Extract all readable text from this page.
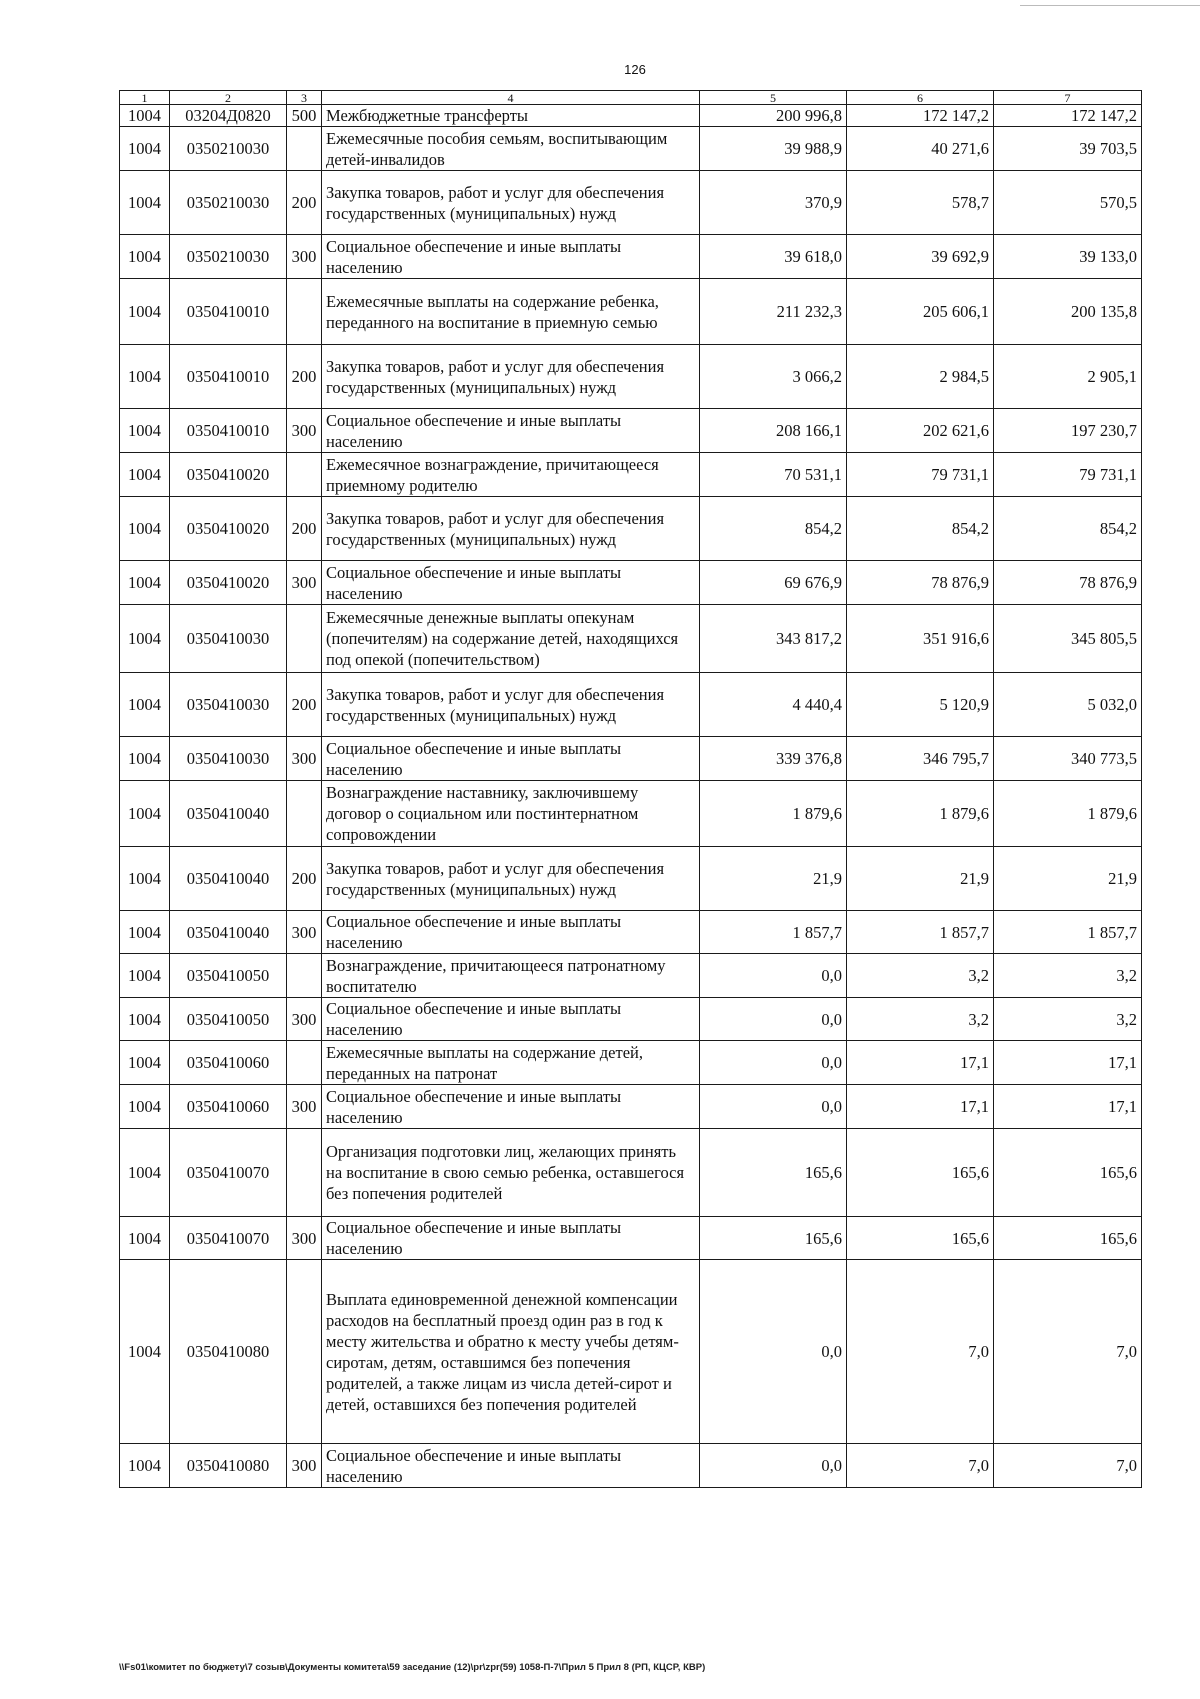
126
1	2	3	4	5	6	7
1004	03204Д0820	500	Межбюджетные трансферты	200 996,8	172 147,2	172 147,2
1004	0350210030		Ежемесячные пособия семьям, воспитывающим детей-инвалидов	39 988,9	40 271,6	39 703,5
1004	0350210030	200	Закупка товаров, работ и услуг для обеспечения государственных (муниципальных) нужд	370,9	578,7	570,5
1004	0350210030	300	Социальное обеспечение и иные выплаты населению	39 618,0	39 692,9	39 133,0
1004	0350410010		Ежемесячные выплаты на содержание ребенка, переданного на воспитание в приемную семью	211 232,3	205 606,1	200 135,8
1004	0350410010	200	Закупка товаров, работ и услуг для обеспечения государственных (муниципальных) нужд	3 066,2	2 984,5	2 905,1
1004	0350410010	300	Социальное обеспечение и иные выплаты населению	208 166,1	202 621,6	197 230,7
1004	0350410020		Ежемесячное вознаграждение, причитающееся приемному родителю	70 531,1	79 731,1	79 731,1
1004	0350410020	200	Закупка товаров, работ и услуг для обеспечения государственных (муниципальных) нужд	854,2	854,2	854,2
1004	0350410020	300	Социальное обеспечение и иные выплаты населению	69 676,9	78 876,9	78 876,9
1004	0350410030		Ежемесячные денежные выплаты опекунам (попечителям) на содержание детей, находящихся под опекой (попечительством)	343 817,2	351 916,6	345 805,5
1004	0350410030	200	Закупка товаров, работ и услуг для обеспечения государственных (муниципальных) нужд	4 440,4	5 120,9	5 032,0
1004	0350410030	300	Социальное обеспечение и иные выплаты населению	339 376,8	346 795,7	340 773,5
1004	0350410040		Вознаграждение наставнику, заключившему договор о социальном или постинтернатном сопровождении	1 879,6	1 879,6	1 879,6
1004	0350410040	200	Закупка товаров, работ и услуг для обеспечения государственных (муниципальных) нужд	21,9	21,9	21,9
1004	0350410040	300	Социальное обеспечение и иные выплаты населению	1 857,7	1 857,7	1 857,7
1004	0350410050		Вознаграждение, причитающееся патронатному воспитателю	0,0	3,2	3,2
1004	0350410050	300	Социальное обеспечение и иные выплаты населению	0,0	3,2	3,2
1004	0350410060		Ежемесячные выплаты на содержание детей, переданных на патронат	0,0	17,1	17,1
1004	0350410060	300	Социальное обеспечение и иные выплаты населению	0,0	17,1	17,1
1004	0350410070		Организация подготовки лиц, желающих принять на воспитание в свою семью ребенка, оставшегося без попечения родителей	165,6	165,6	165,6
1004	0350410070	300	Социальное обеспечение и иные выплаты населению	165,6	165,6	165,6
1004	0350410080		Выплата единовременной денежной компенсации расходов на бесплатный проезд один раз в год к месту жительства и обратно к месту учебы детям-сиротам, детям, оставшимся без попечения родителей, а также лицам из числа детей-сирот и детей, оставшихся без попечения родителей	0,0	7,0	7,0
1004	0350410080	300	Социальное обеспечение и иные выплаты населению	0,0	7,0	7,0
\\Fs01\комитет по бюджету\7 созыв\Документы комитета\59 заседание (12)\pr\zpr(59) 1058-П-7\Прил 5 Прил 8 (РП, КЦСР, КВР)
